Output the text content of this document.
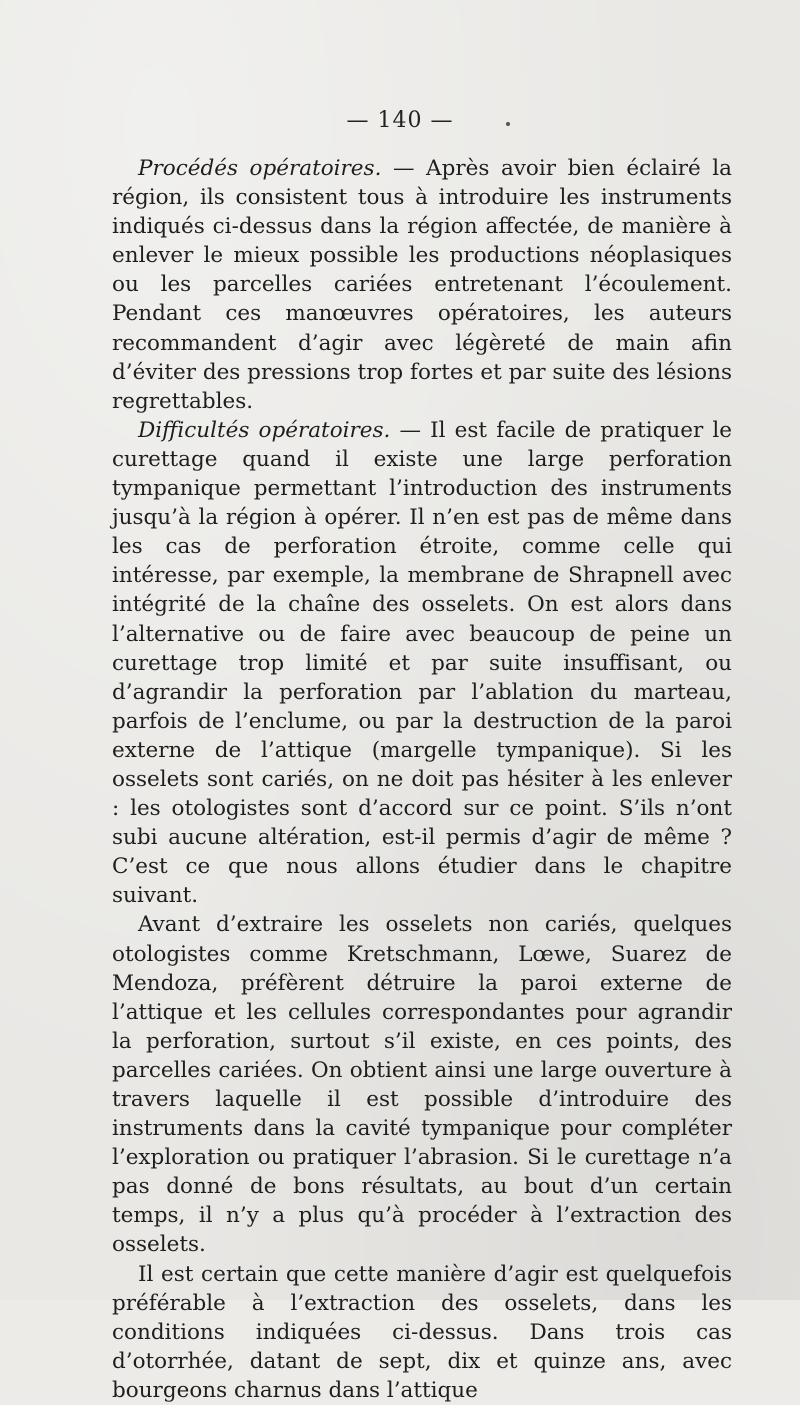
— 140 —

Procédés opératoires. — Après avoir bien éclairé la région, ils consistent tous à introduire les instruments indiqués ci-dessus dans la région affectée, de manière à enlever le mieux possible les productions néoplasiques ou les parcelles cariées entretenant l’écoulement. Pendant ces manœuvres opératoires, les auteurs recommandent d’agir avec légèreté de main afin d’éviter des pressions trop fortes et par suite des lésions regrettables.

Difficultés opératoires. — Il est facile de pratiquer le curettage quand il existe une large perforation tympanique permettant l’introduction des instruments jusqu’à la région à opérer. Il n’en est pas de même dans les cas de perforation étroite, comme celle qui intéresse, par exemple, la membrane de Shrapnell avec intégrité de la chaîne des osselets. On est alors dans l’alternative ou de faire avec beaucoup de peine un curettage trop limité et par suite insuffisant, ou d’agrandir la perforation par l’ablation du marteau, parfois de l’enclume, ou par la destruction de la paroi externe de l’attique (margelle tympanique). Si les osselets sont cariés, on ne doit pas hésiter à les enlever : les otologistes sont d’accord sur ce point. S’ils n’ont subi aucune altération, est-il permis d’agir de même ? C’est ce que nous allons étudier dans le chapitre suivant.

Avant d’extraire les osselets non cariés, quelques otologistes comme Kretschmann, Lœwe, Suarez de Mendoza, préfèrent détruire la paroi externe de l’attique et les cellules correspondantes pour agrandir la perforation, surtout s’il existe, en ces points, des parcelles cariées. On obtient ainsi une large ouverture à travers laquelle il est possible d’introduire des instruments dans la cavité tympanique pour compléter l’exploration ou pratiquer l’abrasion. Si le curettage n’a pas donné de bons résultats, au bout d’un certain temps, il n’y a plus qu’à procéder à l’extraction des osselets.

Il est certain que cette manière d’agir est quelquefois préférable à l’extraction des osselets, dans les conditions indiquées ci-dessus. Dans trois cas d’otorrhée, datant de sept, dix et quinze ans, avec bourgeons charnus dans l’attique
